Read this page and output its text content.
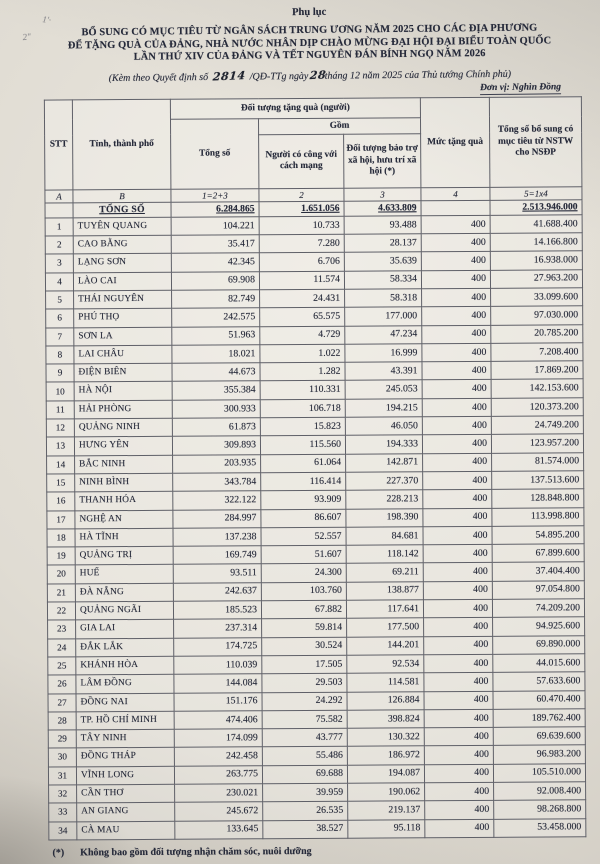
1ʹ·
2ʺ
Phụ lục
BỔ SUNG CÓ MỤC TIÊU TỪ NGÂN SÁCH TRUNG ƯƠNG NĂM 2025 CHO CÁC ĐỊA PHƯƠNG
ĐỂ TẶNG QUÀ CỦA ĐẢNG, NHÀ NƯỚC NHÂN DỊP CHÀO MỪNG ĐẠI HỘI ĐẠI BIỂU TOÀN QUỐC
LẦN THỨ XIV CỦA ĐẢNG VÀ TẾT NGUYÊN ĐÁN BÍNH NGỌ NĂM 2026
(Kèm theo Quyết định số 2814 /QĐ-TTg ngày28tháng 12 năm 2025 của Thủ tướng Chính phủ)
Đơn vị: Nghìn Đồng
STT	Tỉnh, thành phố	Đối tượng tặng quà (người)			Mức tặng quà	Tổng số bổ sung có mục tiêu từ NSTW cho NSĐP
		Tổng số	Gồm			
			Người có công với cách mạng	Đối tượng bảo trợ xã hội, hưu trí xã hội (*)		
A	B	1=2+3	2	3	4	5=1x4
	TỔNG SỐ	6.284.865	1.651.056	4.633.809		2.513.946.000
1	TUYÊN QUANG	104.221	10.733	93.488	400	41.688.400
2	CAO BẰNG	35.417	7.280	28.137	400	14.166.800
3	LẠNG SƠN	42.345	6.706	35.639	400	16.938.000
4	LÀO CAI	69.908	11.574	58.334	400	27.963.200
5	THÁI NGUYÊN	82.749	24.431	58.318	400	33.099.600
6	PHÚ THỌ	242.575	65.575	177.000	400	97.030.000
7	SƠN LA	51.963	4.729	47.234	400	20.785.200
8	LAI CHÂU	18.021	1.022	16.999	400	7.208.400
9	ĐIỆN BIÊN	44.673	1.282	43.391	400	17.869.200
10	HÀ NỘI	355.384	110.331	245.053	400	142.153.600
11	HẢI PHÒNG	300.933	106.718	194.215	400	120.373.200
12	QUẢNG NINH	61.873	15.823	46.050	400	24.749.200
13	HƯNG YÊN	309.893	115.560	194.333	400	123.957.200
14	BẮC NINH	203.935	61.064	142.871	400	81.574.000
15	NINH BÌNH	343.784	116.414	227.370	400	137.513.600
16	THANH HÓA	322.122	93.909	228.213	400	128.848.800
17	NGHỆ AN	284.997	86.607	198.390	400	113.998.800
18	HÀ TĨNH	137.238	52.557	84.681	400	54.895.200
19	QUẢNG TRỊ	169.749	51.607	118.142	400	67.899.600
20	HUẾ	93.511	24.300	69.211	400	37.404.400
21	ĐÀ NẴNG	242.637	103.760	138.877	400	97.054.800
22	QUẢNG NGÃI	185.523	67.882	117.641	400	74.209.200
23	GIA LAI	237.314	59.814	177.500	400	94.925.600
24	ĐẮK LẮK	174.725	30.524	144.201	400	69.890.000
25	KHÁNH HÒA	110.039	17.505	92.534	400	44.015.600
26	LÂM ĐỒNG	144.084	29.503	114.581	400	57.633.600
27	ĐỒNG NAI	151.176	24.292	126.884	400	60.470.400
28	TP. HỒ CHÍ MINH	474.406	75.582	398.824	400	189.762.400
29	TÂY NINH	174.099	43.777	130.322	400	69.639.600
30	ĐỒNG THÁP	242.458	55.486	186.972	400	96.983.200
31	VĨNH LONG	263.775	69.688	194.087	400	105.510.000
32	CẦN THƠ	230.021	39.959	190.062	400	92.008.400
33	AN GIANG	245.672	26.535	219.137	400	98.268.800
34	CÀ MAU	133.645	38.527	95.118	400	53.458.000
(*) Không bao gồm đối tượng nhận chăm sóc, nuôi dưỡng
